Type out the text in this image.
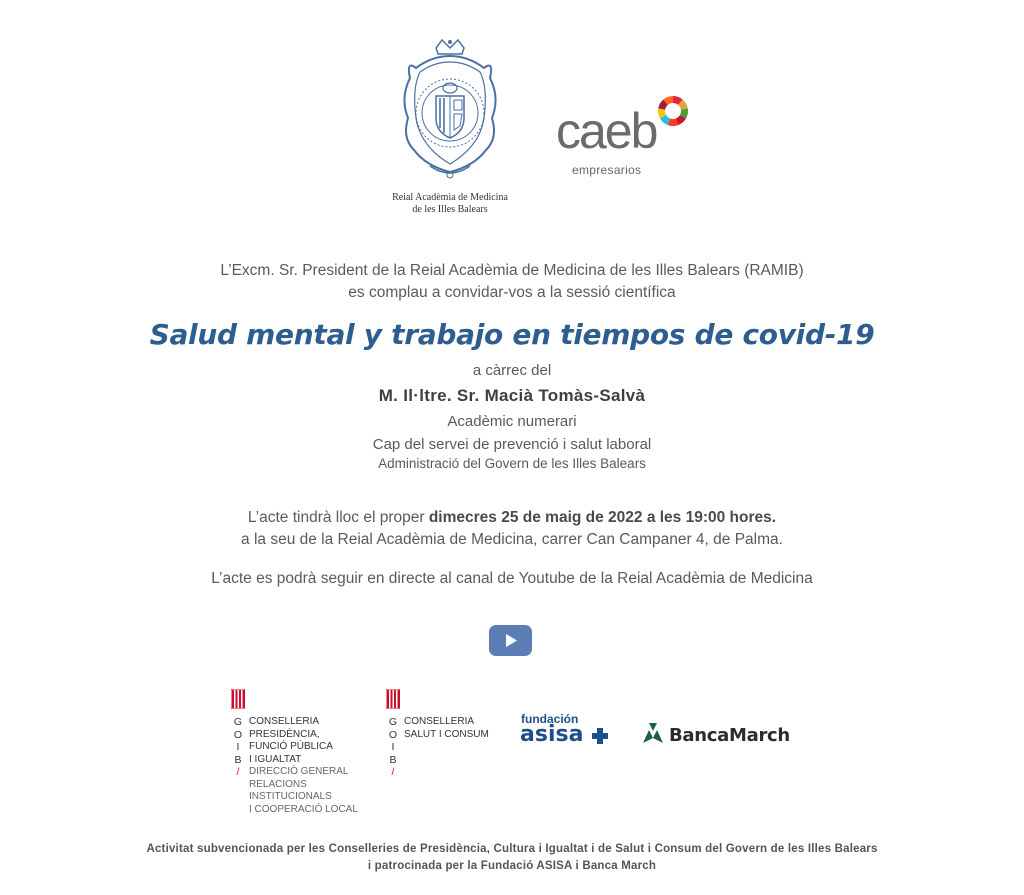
Reial Acadèmia de Medicina
de les Illes Balears
caeb
empresarios
L’Excm. Sr. President de la Reial Acadèmia de Medicina de les Illes Balears (RAMIB)
es complau a convidar-vos a la sessió científica
Salud mental y trabajo en tiempos de covid-19
a càrrec del
M. Il·ltre. Sr. Macià Tomàs-Salvà
Acadèmic numerari
Cap del servei de prevenció i salut laboral
Administració del Govern de les Illes Balears
L’acte tindrà lloc el proper dimecres 25 de maig de 2022 a les 19:00 hores.
a la seu de la Reial Acadèmia de Medicina, carrer Can Campaner 4, de Palma.
L’acte es podrà seguir en directe al canal de Youtube de la Reial Acadèmia de Medicina
G
O
I
B
/
CONSELLERIA
PRESIDÈNCIA,
FUNCIÓ PÚBLICA
I IGUALTAT
DIRECCIÓ GENERAL
RELACIONS
INSTITUCIONALS
I COOPERACIÓ LOCAL
G
O
I
B
/
CONSELLERIA
SALUT I CONSUM
fundación
asisa	BancaMarch
Activitat subvencionada per les Conselleries de Presidència, Cultura i Igualtat i de Salut i Consum del Govern de les Illes Balears
i patrocinada per la Fundació ASISA i Banca March
